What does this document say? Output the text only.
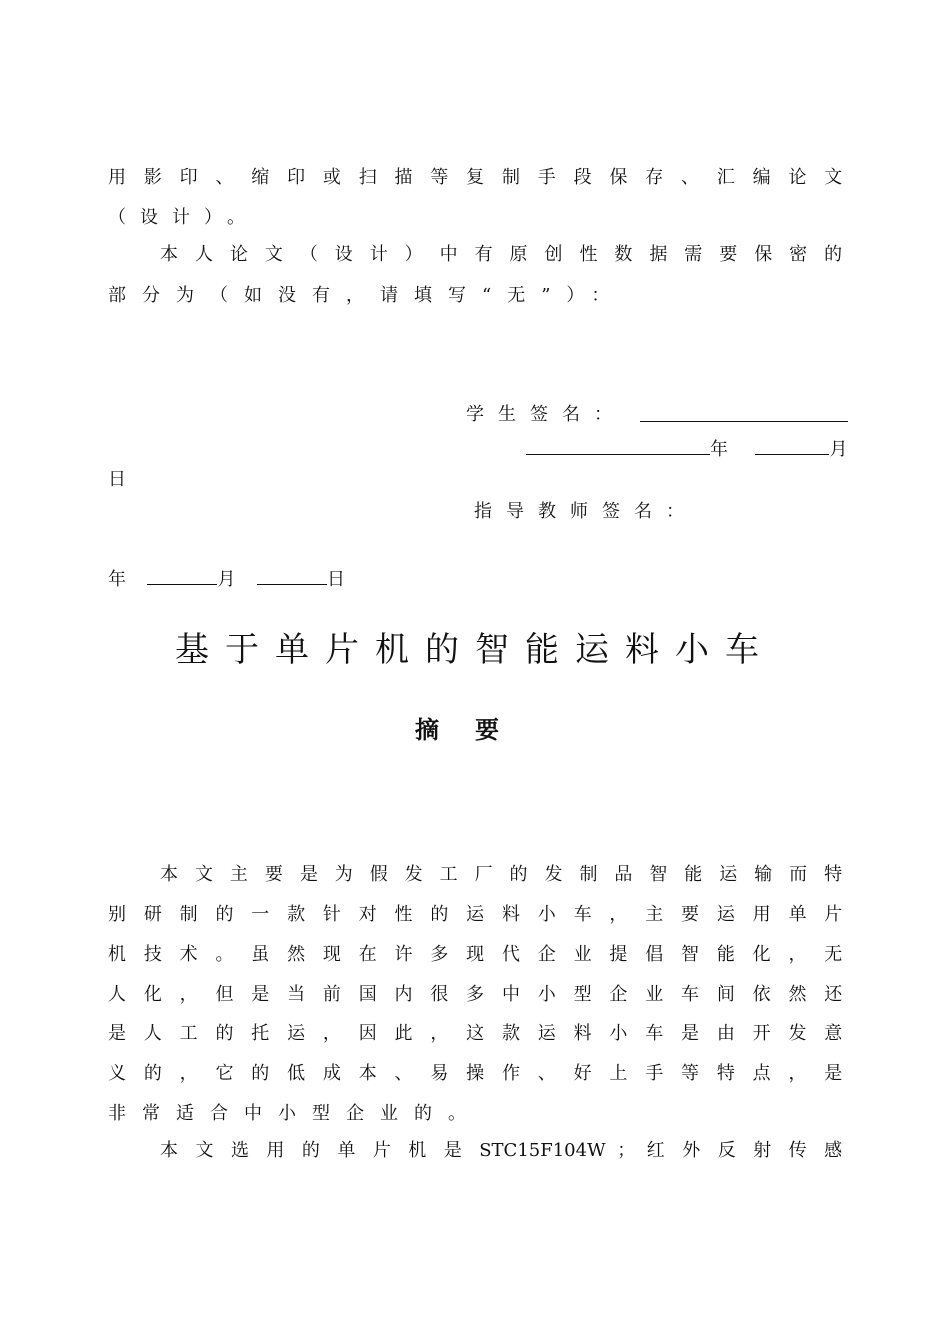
用 影 印 、 缩 印 或 扫 描 等 复 制 手 段 保 存 、 汇 编 论 文
（设计）。
本 人 论 文 （ 设 计 ） 中 有 原 创 性 数 据 需 要 保 密 的
部分为（如没有，请填写“无”）：
学生签名：
年	月
日
指导教师签名：
年	月	日
基于单片机的智能运料小车
摘要
本 文 主 要 是 为 假 发 工 厂 的 发 制 品 智 能 运 输 而 特
别 研 制 的 一 款 针 对 性 的 运 料 小 车 ， 主 要 运 用 单 片
机 技 术 。 虽 然 现 在 许 多 现 代 企 业 提 倡 智 能 化 ， 无
人 化 ， 但 是 当 前 国 内 很 多 中 小 型 企 业 车 间 依 然 还
是 人 工 的 托 运 ， 因 此 ， 这 款 运 料 小 车 是 由 开 发 意
义 的 ， 它 的 低 成 本 、 易 操 作 、 好 上 手 等 特 点 ， 是
非常适合中小型企业的。
本 文 选 用 的 单 片 机 是 STC15F104W ； 红 外 反 射 传 感
